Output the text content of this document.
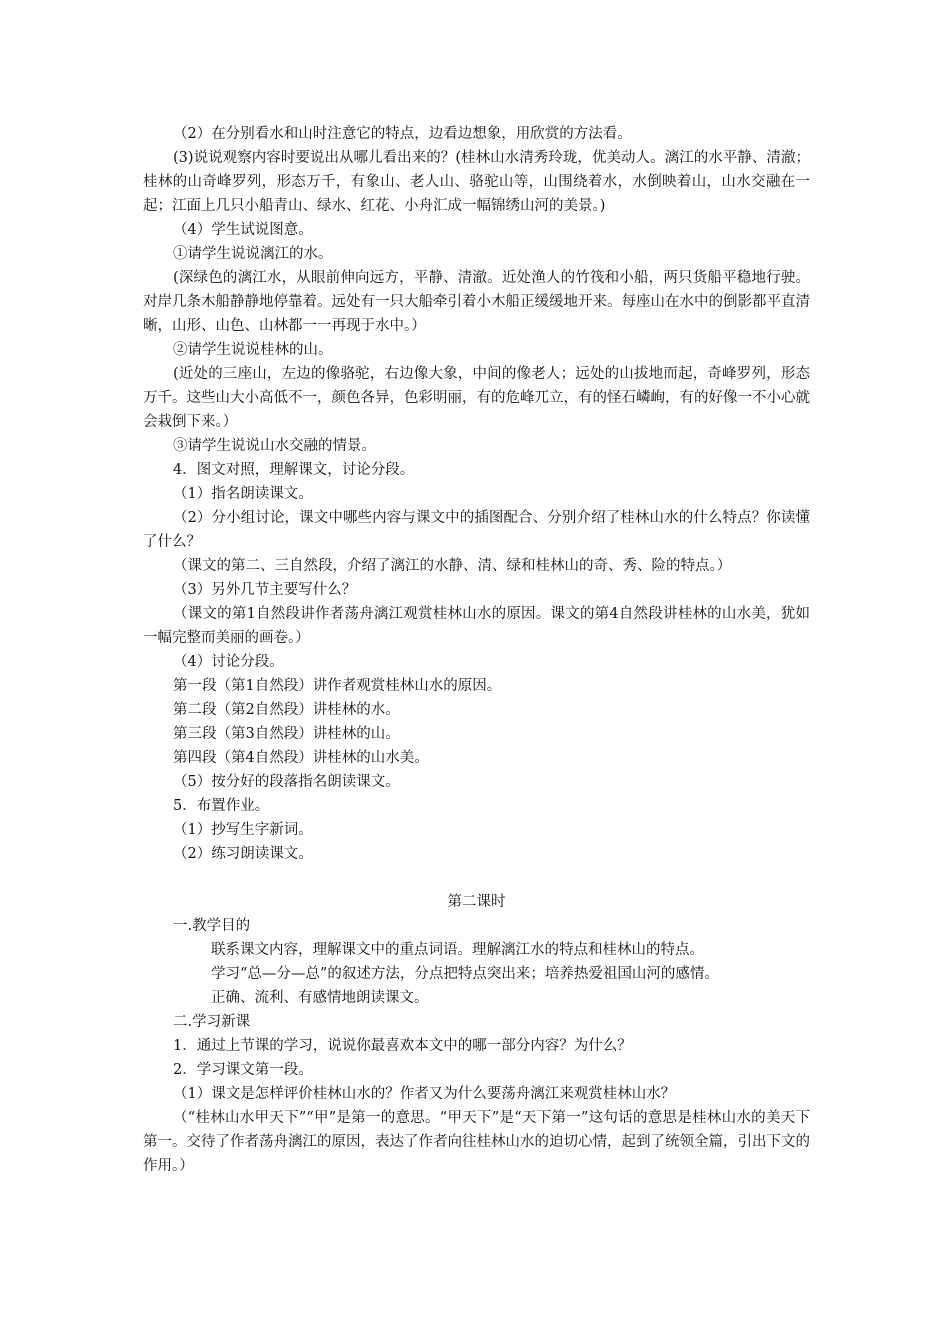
（2）在分别看水和山时注意它的特点，边看边想象，用欣赏的方法看。

(3)说说观察内容时要说出从哪儿看出来的？(桂林山水清秀玲珑，优美动人。漓江的水平静、清澈；桂林的山奇峰罗列，形态万千，有象山、老人山、骆驼山等，山围绕着水，水倒映着山，山水交融在一起；江面上几只小船青山、绿水、红花、小舟汇成一幅锦绣山河的美景。)

（4）学生试说图意。

①请学生说说漓江的水。

(深绿色的漓江水，从眼前伸向远方，平静、清澈。近处渔人的竹筏和小船，两只货船平稳地行驶。对岸几条木船静静地停靠着。远处有一只大船牵引着小木船正缓缓地开来。每座山在水中的倒影都平直清晰，山形、山色、山林都一一再现于水中。）

②请学生说说桂林的山。

(近处的三座山，左边的像骆驼，右边像大象，中间的像老人；远处的山拔地而起，奇峰罗列，形态万千。这些山大小高低不一，颜色各异，色彩明丽，有的危峰兀立，有的怪石嶙峋，有的好像一不小心就会栽倒下来。）

③请学生说说山水交融的情景。

4．图文对照，理解课文，讨论分段。

（1）指名朗读课文。

（2）分小组讨论，课文中哪些内容与课文中的插图配合、分别介绍了桂林山水的什么特点？你读懂了什么？

（课文的第二、三自然段，介绍了漓江的水静、清、绿和桂林山的奇、秀、险的特点。）

（3）另外几节主要写什么？

（课文的第1自然段讲作者荡舟漓江观赏桂林山水的原因。课文的第4自然段讲桂林的山水美，犹如一幅完整而美丽的画卷。）

（4）讨论分段。

第一段（第1自然段）讲作者观赏桂林山水的原因。

第二段（第2自然段）讲桂林的水。

第三段（第3自然段）讲桂林的山。

第四段（第4自然段）讲桂林的山水美。

（5）按分好的段落指名朗读课文。

5．布置作业。

（1）抄写生字新词。

（2）练习朗读课文。

第二课时

一.教学目的

联系课文内容，理解课文中的重点词语。理解漓江水的特点和桂林山的特点。

学习“总—分—总”的叙述方法，分点把特点突出来；培养热爱祖国山河的感情。

正确、流利、有感情地朗读课文。

二.学习新课

1．通过上节课的学习，说说你最喜欢本文中的哪一部分内容？为什么？

2．学习课文第一段。

（1）课文是怎样评价桂林山水的？作者又为什么要荡舟漓江来观赏桂林山水？

（“桂林山水甲天下”“甲”是第一的意思。“甲天下”是“天下第一”这句话的意思是桂林山水的美天下第一。交待了作者荡舟漓江的原因，表达了作者向往桂林山水的迫切心情，起到了统领全篇，引出下文的作用。）
